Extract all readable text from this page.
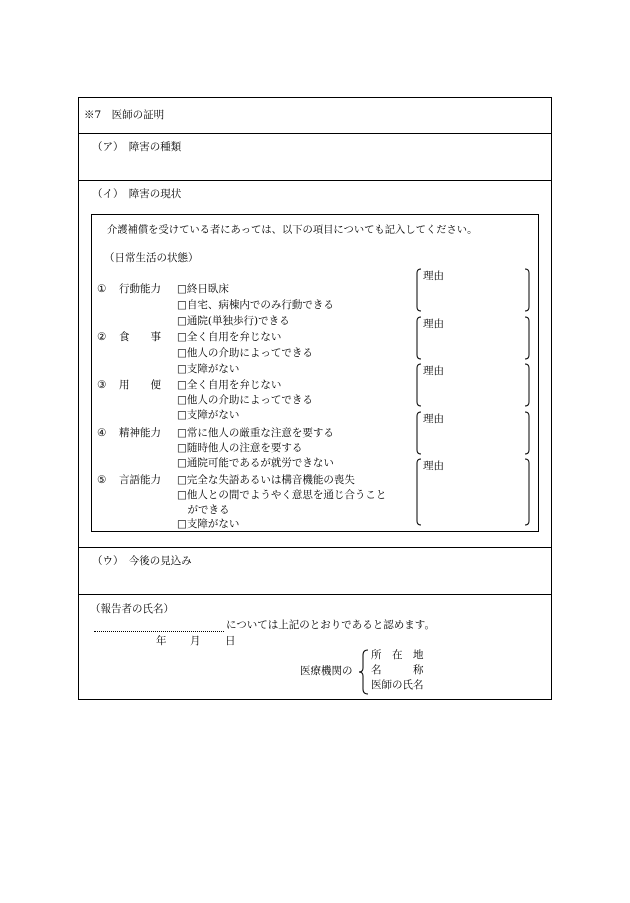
※7　医師の証明
（ア）　障害の種類
（イ）　障害の現状
介護補償を受けている者にあっては、以下の項目についても記入してください。
（日常生活の状態）
① 行動能力 □終日臥床
□自宅、病棟内でのみ行動できる
□通院(単独歩行)できる
② 食　　事 □全く自用を弁じない
□他人の介助によってできる
□支障がない
③ 用　　便 □全く自用を弁じない
□他人の介助によってできる
□支障がない
④ 精神能力 □常に他人の厳重な注意を要する
□随時他人の注意を要する
□通院可能であるが就労できない
⑤ 言語能力 □完全な失語あるいは構音機能の喪失
□他人との間でようやく意思を通じ合うこと
　ができる
□支障がない
理由
理由
理由
理由
理由
（ウ）　今後の見込み
（報告者の氏名）
については上記のとおりであると認めます。
年 月 日
医療機関の
所　在　地
名　　　称
医師の氏名
